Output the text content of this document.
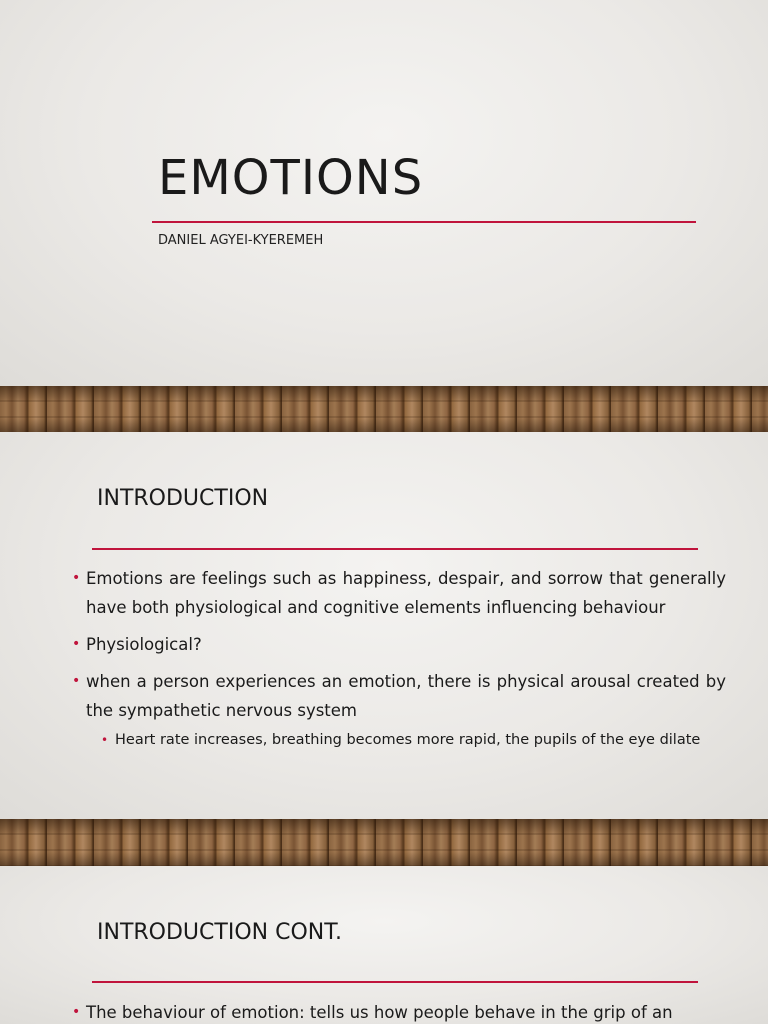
EMOTIONS

DANIEL AGYEI-KYEREMEH

INTRODUCTION
• Emotions are feelings such as happiness, despair, and sorrow that generally have both physiological and cognitive elements influencing behaviour
• Physiological?
• when a person experiences an emotion, there is physical arousal created by the sympathetic nervous system
• Heart rate increases, breathing becomes more rapid, the pupils of the eye dilate
INTRODUCTION CONT.
• The behaviour of emotion: tells us how people behave in the grip of an
